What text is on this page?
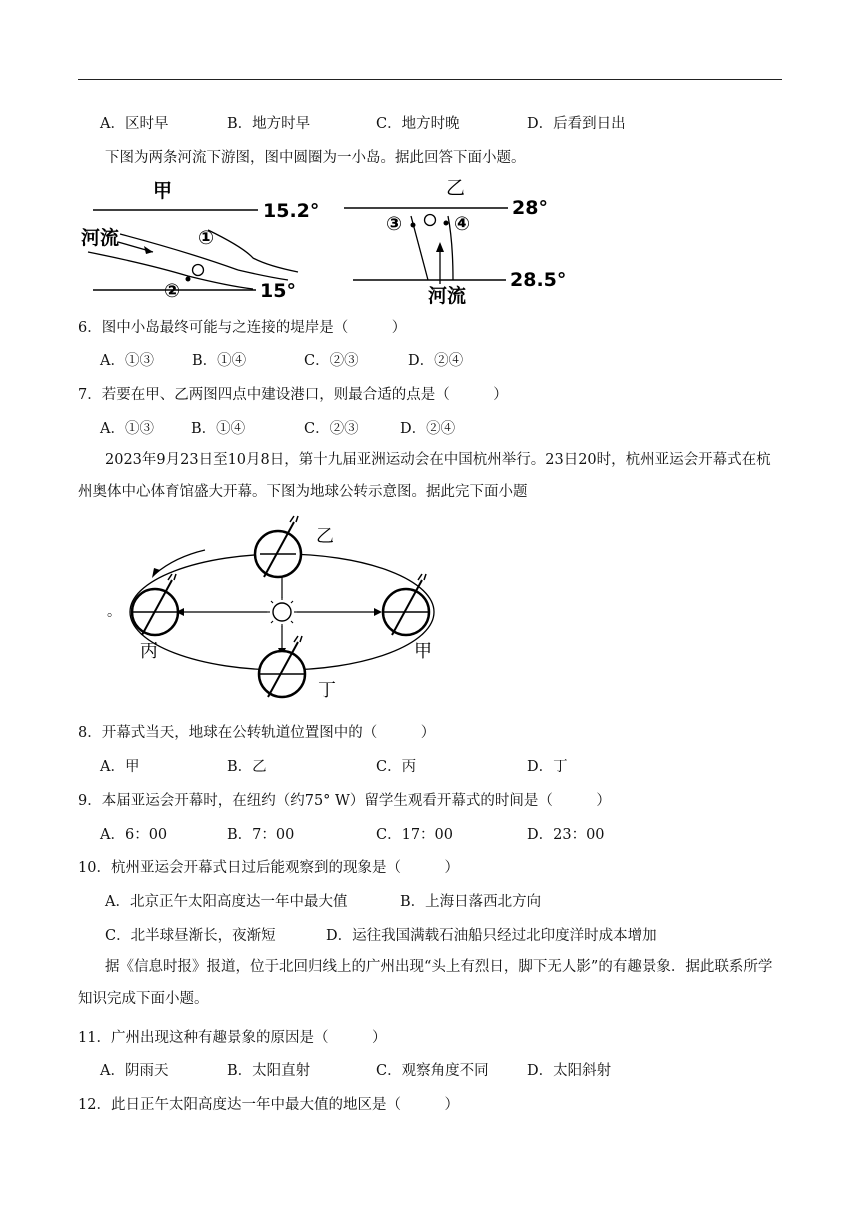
A．区时早	B．地方时早	C．地方时晚	D．后看到日出
下图为两条河流下游图，图中圆圈为一小岛。据此回答下面小题。
甲
15.2°
15°
河流	①
②
乙
28°
28.5°
③	④
河流
6．图中小岛最终可能与之连接的堤岸是（　　　）
A．①③	B．①④	C．②③	D．②④
7．若要在甲、乙两图四点中建设港口，则最合适的点是（　　　）
A．①③	B．①④	C．②③	D．②④
2023年9月23日至10月8日，第十九届亚洲运动会在中国杭州举行。23日20时，杭州亚运会开幕式在杭州奥体中心体育馆盛大开幕。下图为地球公转示意图。据此完下面小题
乙
丙	甲
丁
。
8．开幕式当天，地球在公转轨道位置图中的（　　　）
A．甲	B．乙	C．丙	D．丁
9．本届亚运会开幕时，在纽约（约75° W）留学生观看开幕式的时间是（　　　）
A．6：00	B．7：00	C．17：00	D．23：00
10．杭州亚运会开幕式日过后能观察到的现象是（　　　）
A．北京正午太阳高度达一年中最大值	B．上海日落西北方向
C．北半球昼渐长，夜渐短	D．运往我国满载石油船只经过北印度洋时成本增加
据《信息时报》报道，位于北回归线上的广州出现“头上有烈日，脚下无人影”的有趣景象．据此联系所学知识完成下面小题。
11．广州出现这种有趣景象的原因是（　　　）
A．阴雨天	B．太阳直射	C．观察角度不同	D．太阳斜射
12．此日正午太阳高度达一年中最大值的地区是（　　　）
